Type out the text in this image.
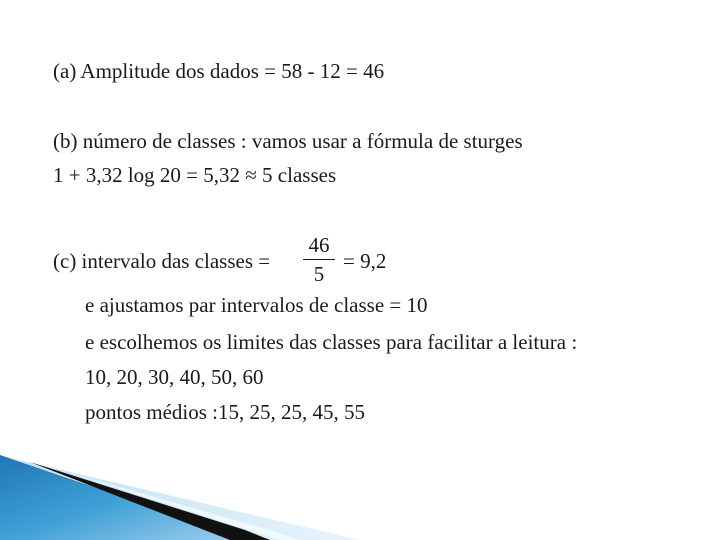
(a) Amplitude dos dados = 58 - 12 = 46
(b) número de classes : vamos usar a fórmula de sturges
1 + 3,32 log 20 = 5,32 ≈ 5 classes
(c) intervalo das classes =
46
5
= 9,2
e ajustamos par intervalos de classe = 10
e escolhemos os limites das classes para facilitar a leitura :
10, 20, 30, 40, 50, 60
pontos médios :15, 25, 25, 45, 55
